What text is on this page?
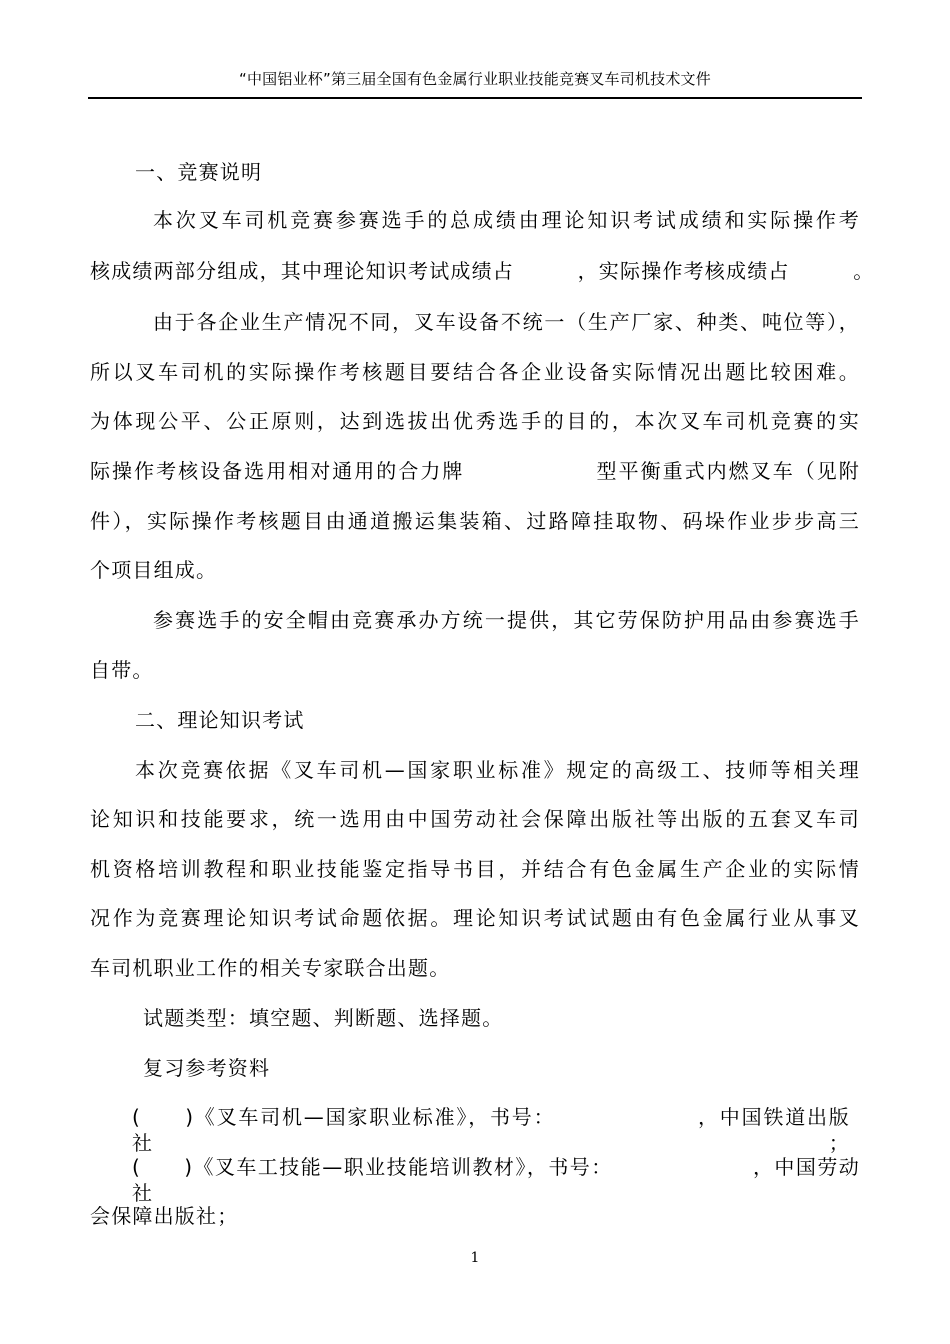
“中国铝业杯”第三届全国有色金属行业职业技能竞赛叉车司机技术文件
一、竞赛说明
本次叉车司机竞赛参赛选手的总成绩由理论知识考试成绩和实际操作考
核成绩两部分组成，其中理论知识考试成绩占　　　，实际操作考核成绩占　　　。
由于各企业生产情况不同，叉车设备不统一（生产厂家、种类、吨位等），
所以叉车司机的实际操作考核题目要结合各企业设备实际情况出题比较困难。
为体现公平、公正原则，达到选拔出优秀选手的目的，本次叉车司机竞赛的实
际操作考核设备选用相对通用的合力牌　　　　　　型平衡重式内燃叉车（见附
件），实际操作考核题目由通道搬运集装箱、过路障挂取物、码垛作业步步高三
个项目组成。
参赛选手的安全帽由竞赛承办方统一提供，其它劳保防护用品由参赛选手
自带。
二、理论知识考试
本次竞赛依据《叉车司机—国家职业标准》规定的高级工、技师等相关理
论知识和技能要求，统一选用由中国劳动社会保障出版社等出版的五套叉车司
机资格培训教程和职业技能鉴定指导书目，并结合有色金属生产企业的实际情
况作为竞赛理论知识考试命题依据。理论知识考试试题由有色金属行业从事叉
车司机职业工作的相关专家联合出题。
试题类型：填空题、判断题、选择题。
复习参考资料
(　　)《叉车司机—国家职业标准》，书号：　　　　　　　，中国铁道出版社；
(　　)《叉车工技能—职业技能培训教材》，书号：　　　　　　　，中国劳动社
会保障出版社；
1
